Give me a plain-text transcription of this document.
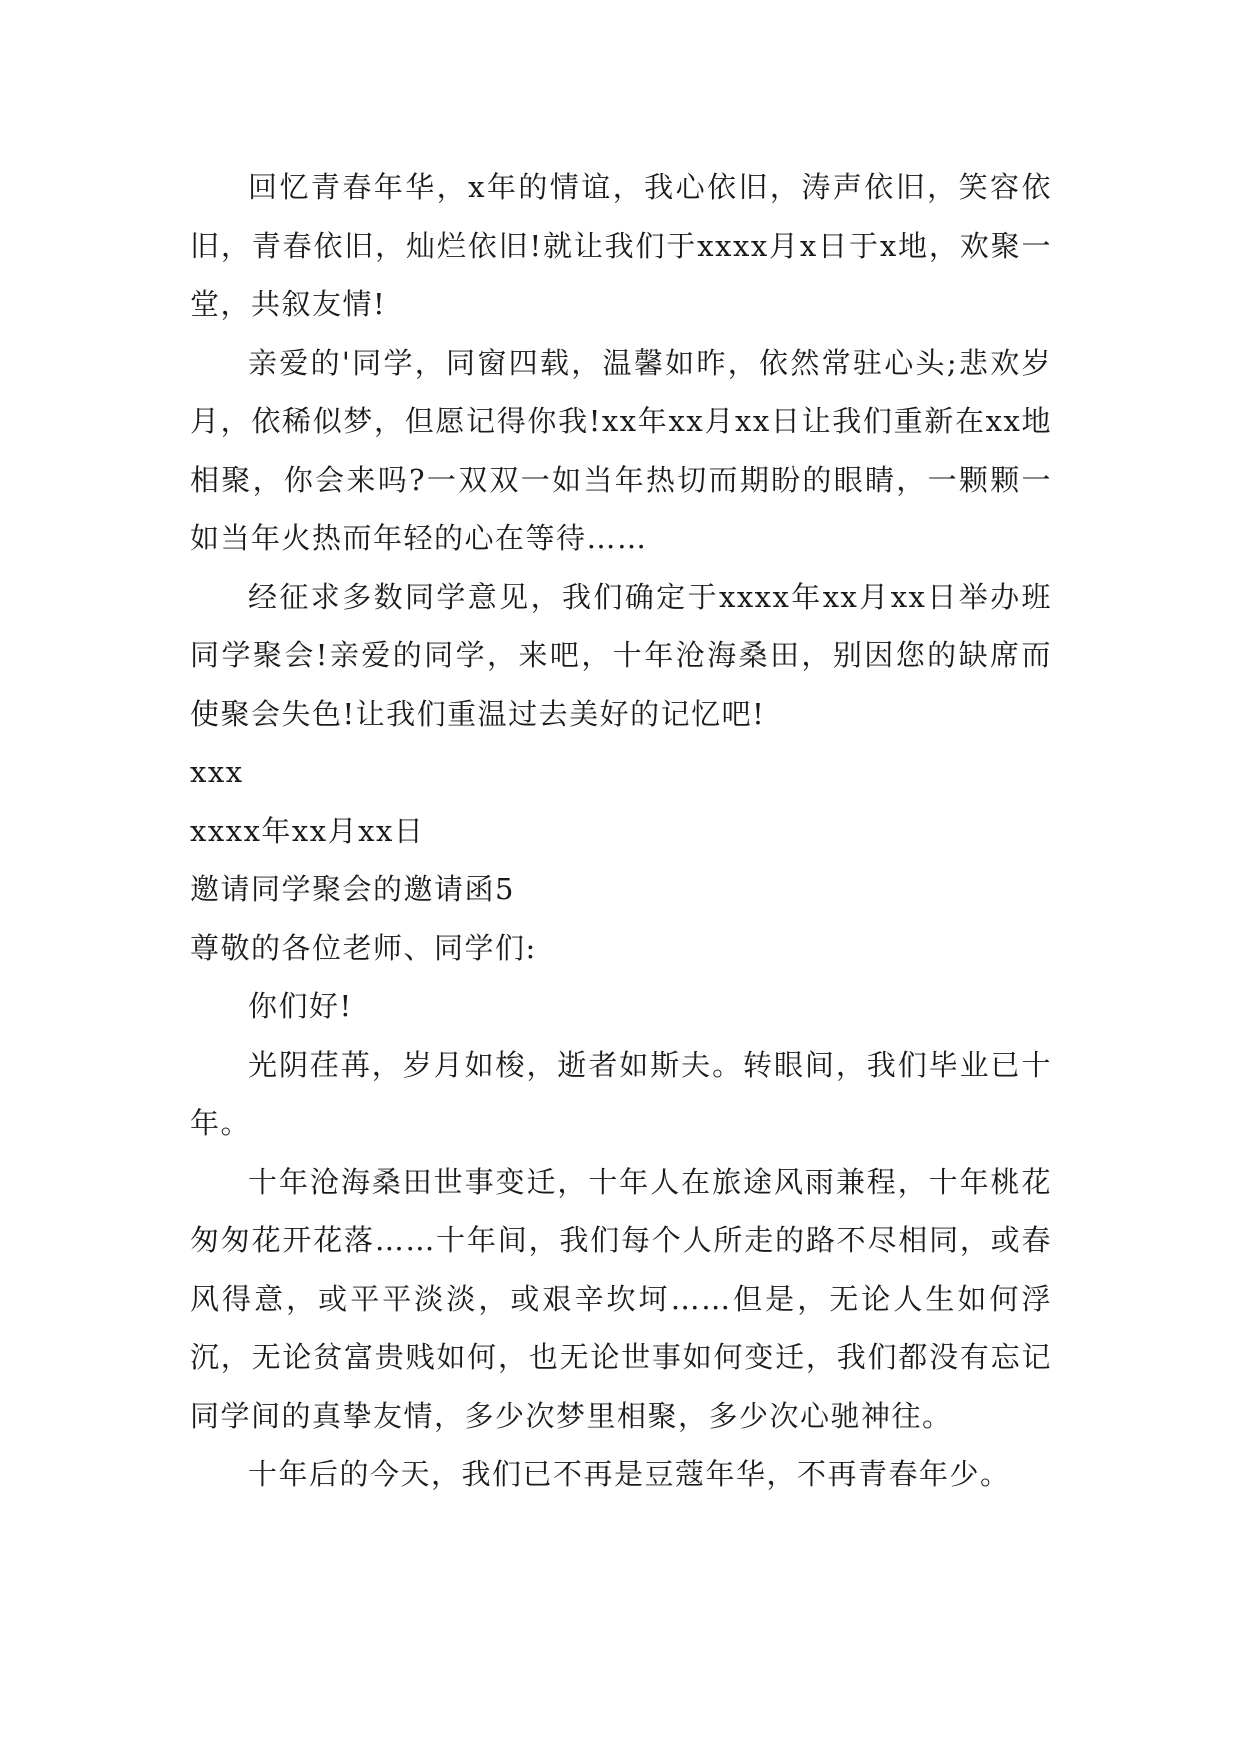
回忆青春年华，x年的情谊，我心依旧，涛声依旧，笑容依旧，青春依旧，灿烂依旧!就让我们于xxxx月x日于x地，欢聚一堂，共叙友情!

亲爱的'同学，同窗四载，温馨如昨，依然常驻心头;悲欢岁月，依稀似梦，但愿记得你我!xx年xx月xx日让我们重新在xx地相聚，你会来吗?一双双一如当年热切而期盼的眼睛，一颗颗一如当年火热而年轻的心在等待……

经征求多数同学意见，我们确定于xxxx年xx月xx日举办班同学聚会!亲爱的同学，来吧，十年沧海桑田，别因您的缺席而使聚会失色!让我们重温过去美好的记忆吧!

xxx

xxxx年xx月xx日

邀请同学聚会的邀请函5

尊敬的各位老师、同学们:

你们好!

光阴荏苒，岁月如梭，逝者如斯夫。转眼间，我们毕业已十年。

十年沧海桑田世事变迁，十年人在旅途风雨兼程，十年桃花匆匆花开花落……十年间，我们每个人所走的路不尽相同，或春风得意，或平平淡淡，或艰辛坎坷……但是，无论人生如何浮沉，无论贫富贵贱如何，也无论世事如何变迁，我们都没有忘记同学间的真挚友情，多少次梦里相聚，多少次心驰神往。

十年后的今天，我们已不再是豆蔻年华，不再青春年少。
